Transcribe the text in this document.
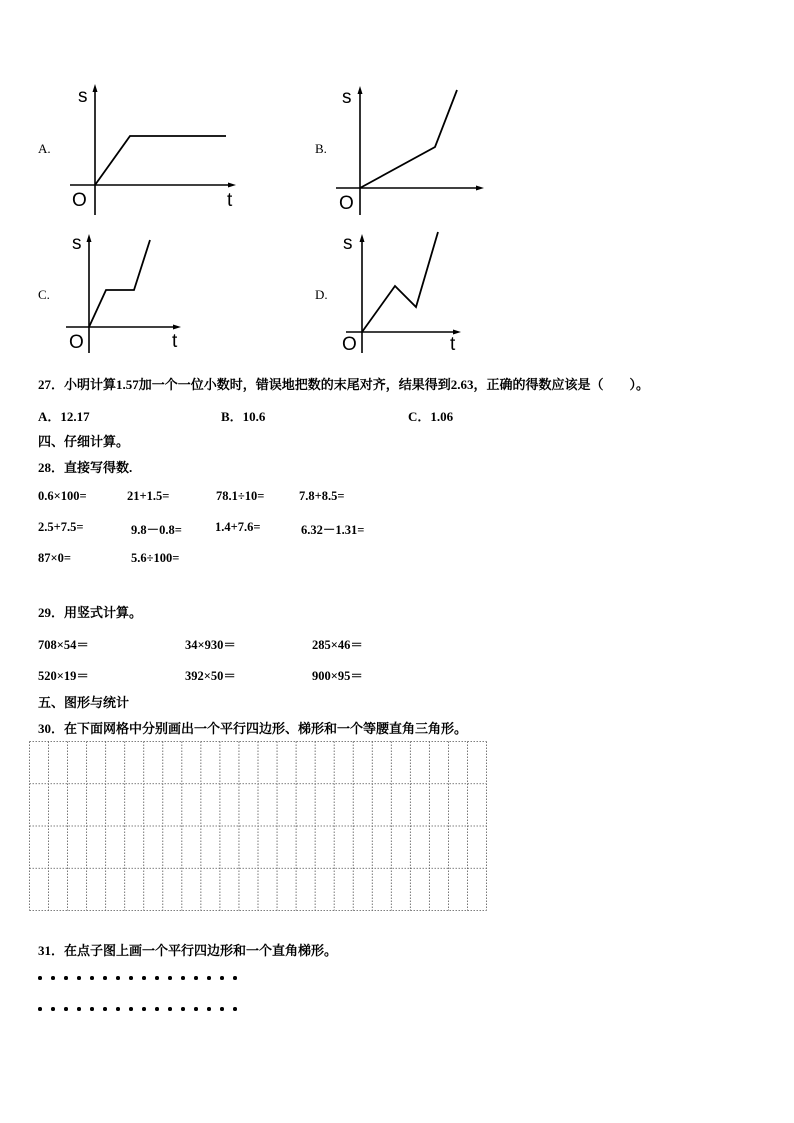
A.
s
O	t
B.
s
O
C.
s
O	t
D.
s
O	t
27．小明计算1.57加一个一位小数时，错误地把数的末尾对齐，结果得到2.63，正确的得数应该是（　　）。
A．12.17	B．10.6	C．1.06
四、仔细计算。
28．直接写得数.
0.6×100=	21+1.5=	78.1÷10=	7.8+8.5=
2.5+7.5=	9.8－0.8=	1.4+7.6=	6.32－1.31=
87×0=	5.6÷100=
29．用竖式计算。
708×54＝	34×930＝	285×46＝
520×19＝	392×50＝	900×95＝
五、图形与统计
30．在下面网格中分别画出一个平行四边形、梯形和一个等腰直角三角形。
31．在点子图上画一个平行四边形和一个直角梯形。
